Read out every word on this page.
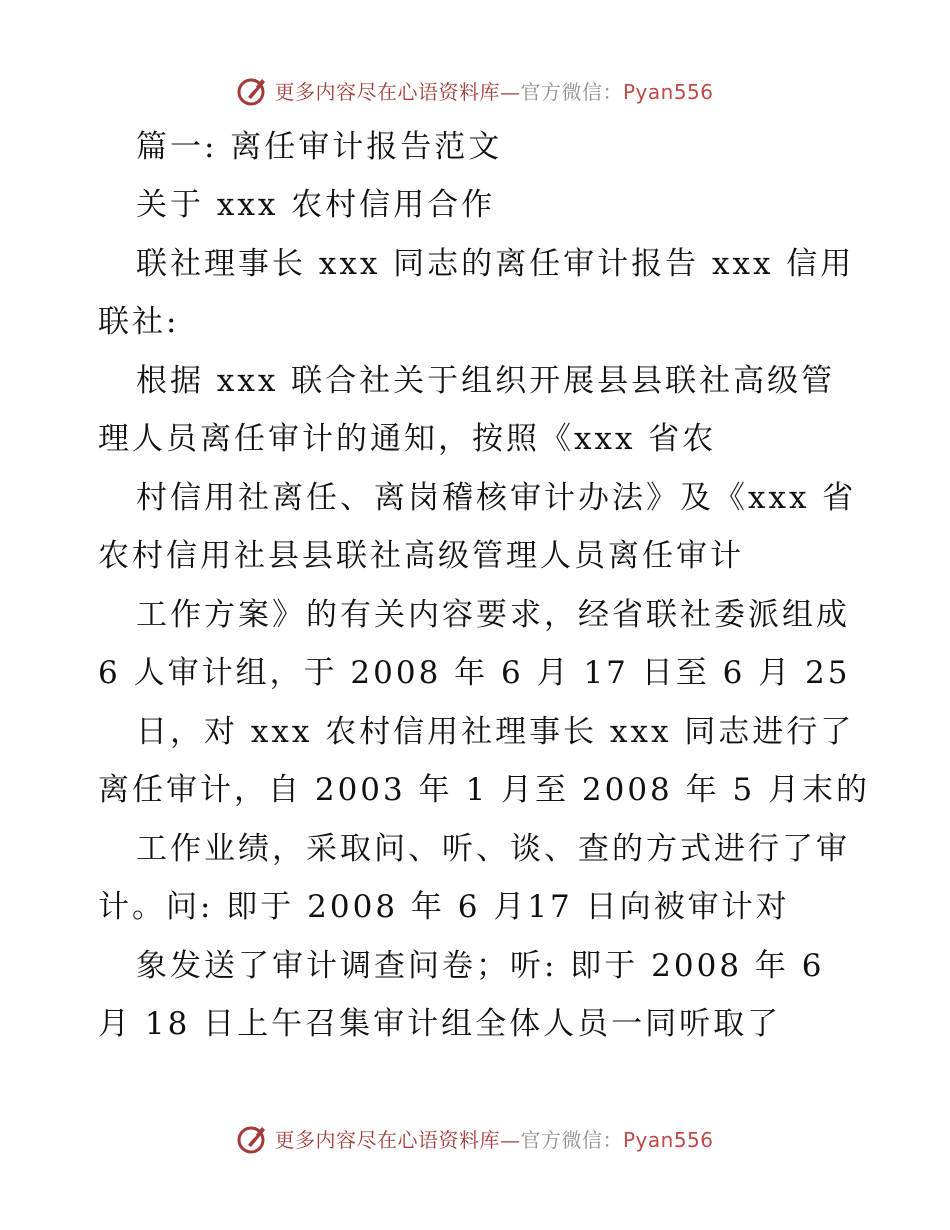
更多内容尽在心语资料库—官方微信：Pyan556

篇一: 离任审计报告范文

关于 xxx 农村信用合作

联社理事长 xxx 同志的离任审计报告 xxx 信用

联社:

根据 xxx 联合社关于组织开展县县联社高级管

理人员离任审计的通知，按照《xxx 省农

村信用社离任、离岗稽核审计办法》及《xxx 省

农村信用社县县联社高级管理人员离任审计

工作方案》的有关内容要求，经省联社委派组成

6 人审计组，于 2008 年 6 月 17 日至 6 月 25

日，对 xxx 农村信用社理事长 xxx 同志进行了

离任审计，自 2003 年 1 月至 2008 年 5 月末的

工作业绩，采取问、听、谈、查的方式进行了审

计。问: 即于 2008 年 6 月17 日向被审计对

象发送了审计调查问卷；听: 即于 2008 年 6

月 18 日上午召集审计组全体人员一同听取了

更多内容尽在心语资料库—官方微信：Pyan556
